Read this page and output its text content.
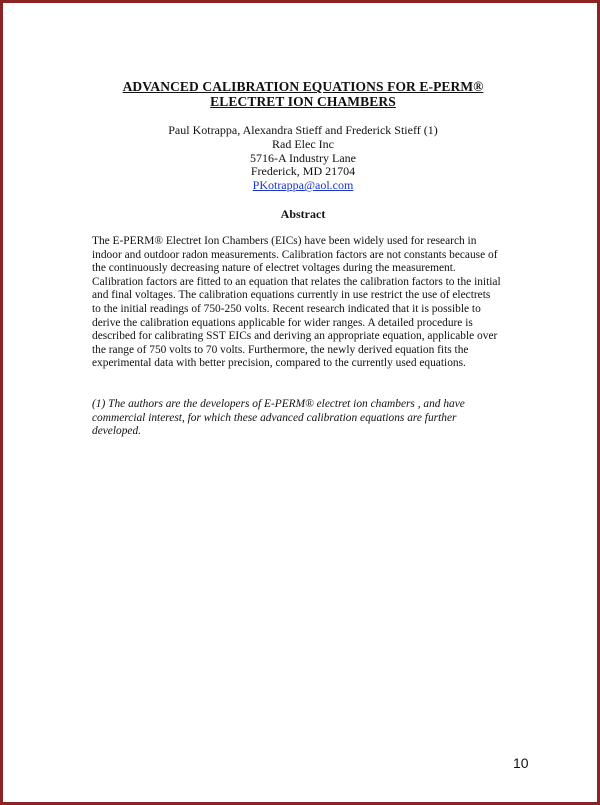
ADVANCED CALIBRATION EQUATIONS FOR E-PERM®
ELECTRET ION CHAMBERS
Paul Kotrappa, Alexandra Stieff and Frederick Stieff (1)
Rad Elec Inc
5716-A Industry Lane
Frederick, MD 21704
PKotrappa@aol.com
Abstract
The E-PERM® Electret Ion Chambers (EICs) have been widely used for research in
indoor and outdoor radon measurements. Calibration factors are not constants because of
the continuously decreasing nature of electret voltages during the measurement.
Calibration factors are fitted to an equation that relates the calibration factors to the initial
and final voltages. The calibration equations currently in use restrict the use of electrets
to the initial readings of 750-250 volts. Recent research indicated that it is possible to
derive the calibration equations applicable for wider ranges. A detailed procedure is
described for calibrating SST EICs and deriving an appropriate equation, applicable over
the range of 750 volts to 70 volts. Furthermore, the newly derived equation fits the
experimental data with better precision, compared to the currently used equations.
(1) The authors are the developers of E-PERM® electret ion chambers , and have
commercial interest, for which these advanced calibration equations are further
developed.
10
